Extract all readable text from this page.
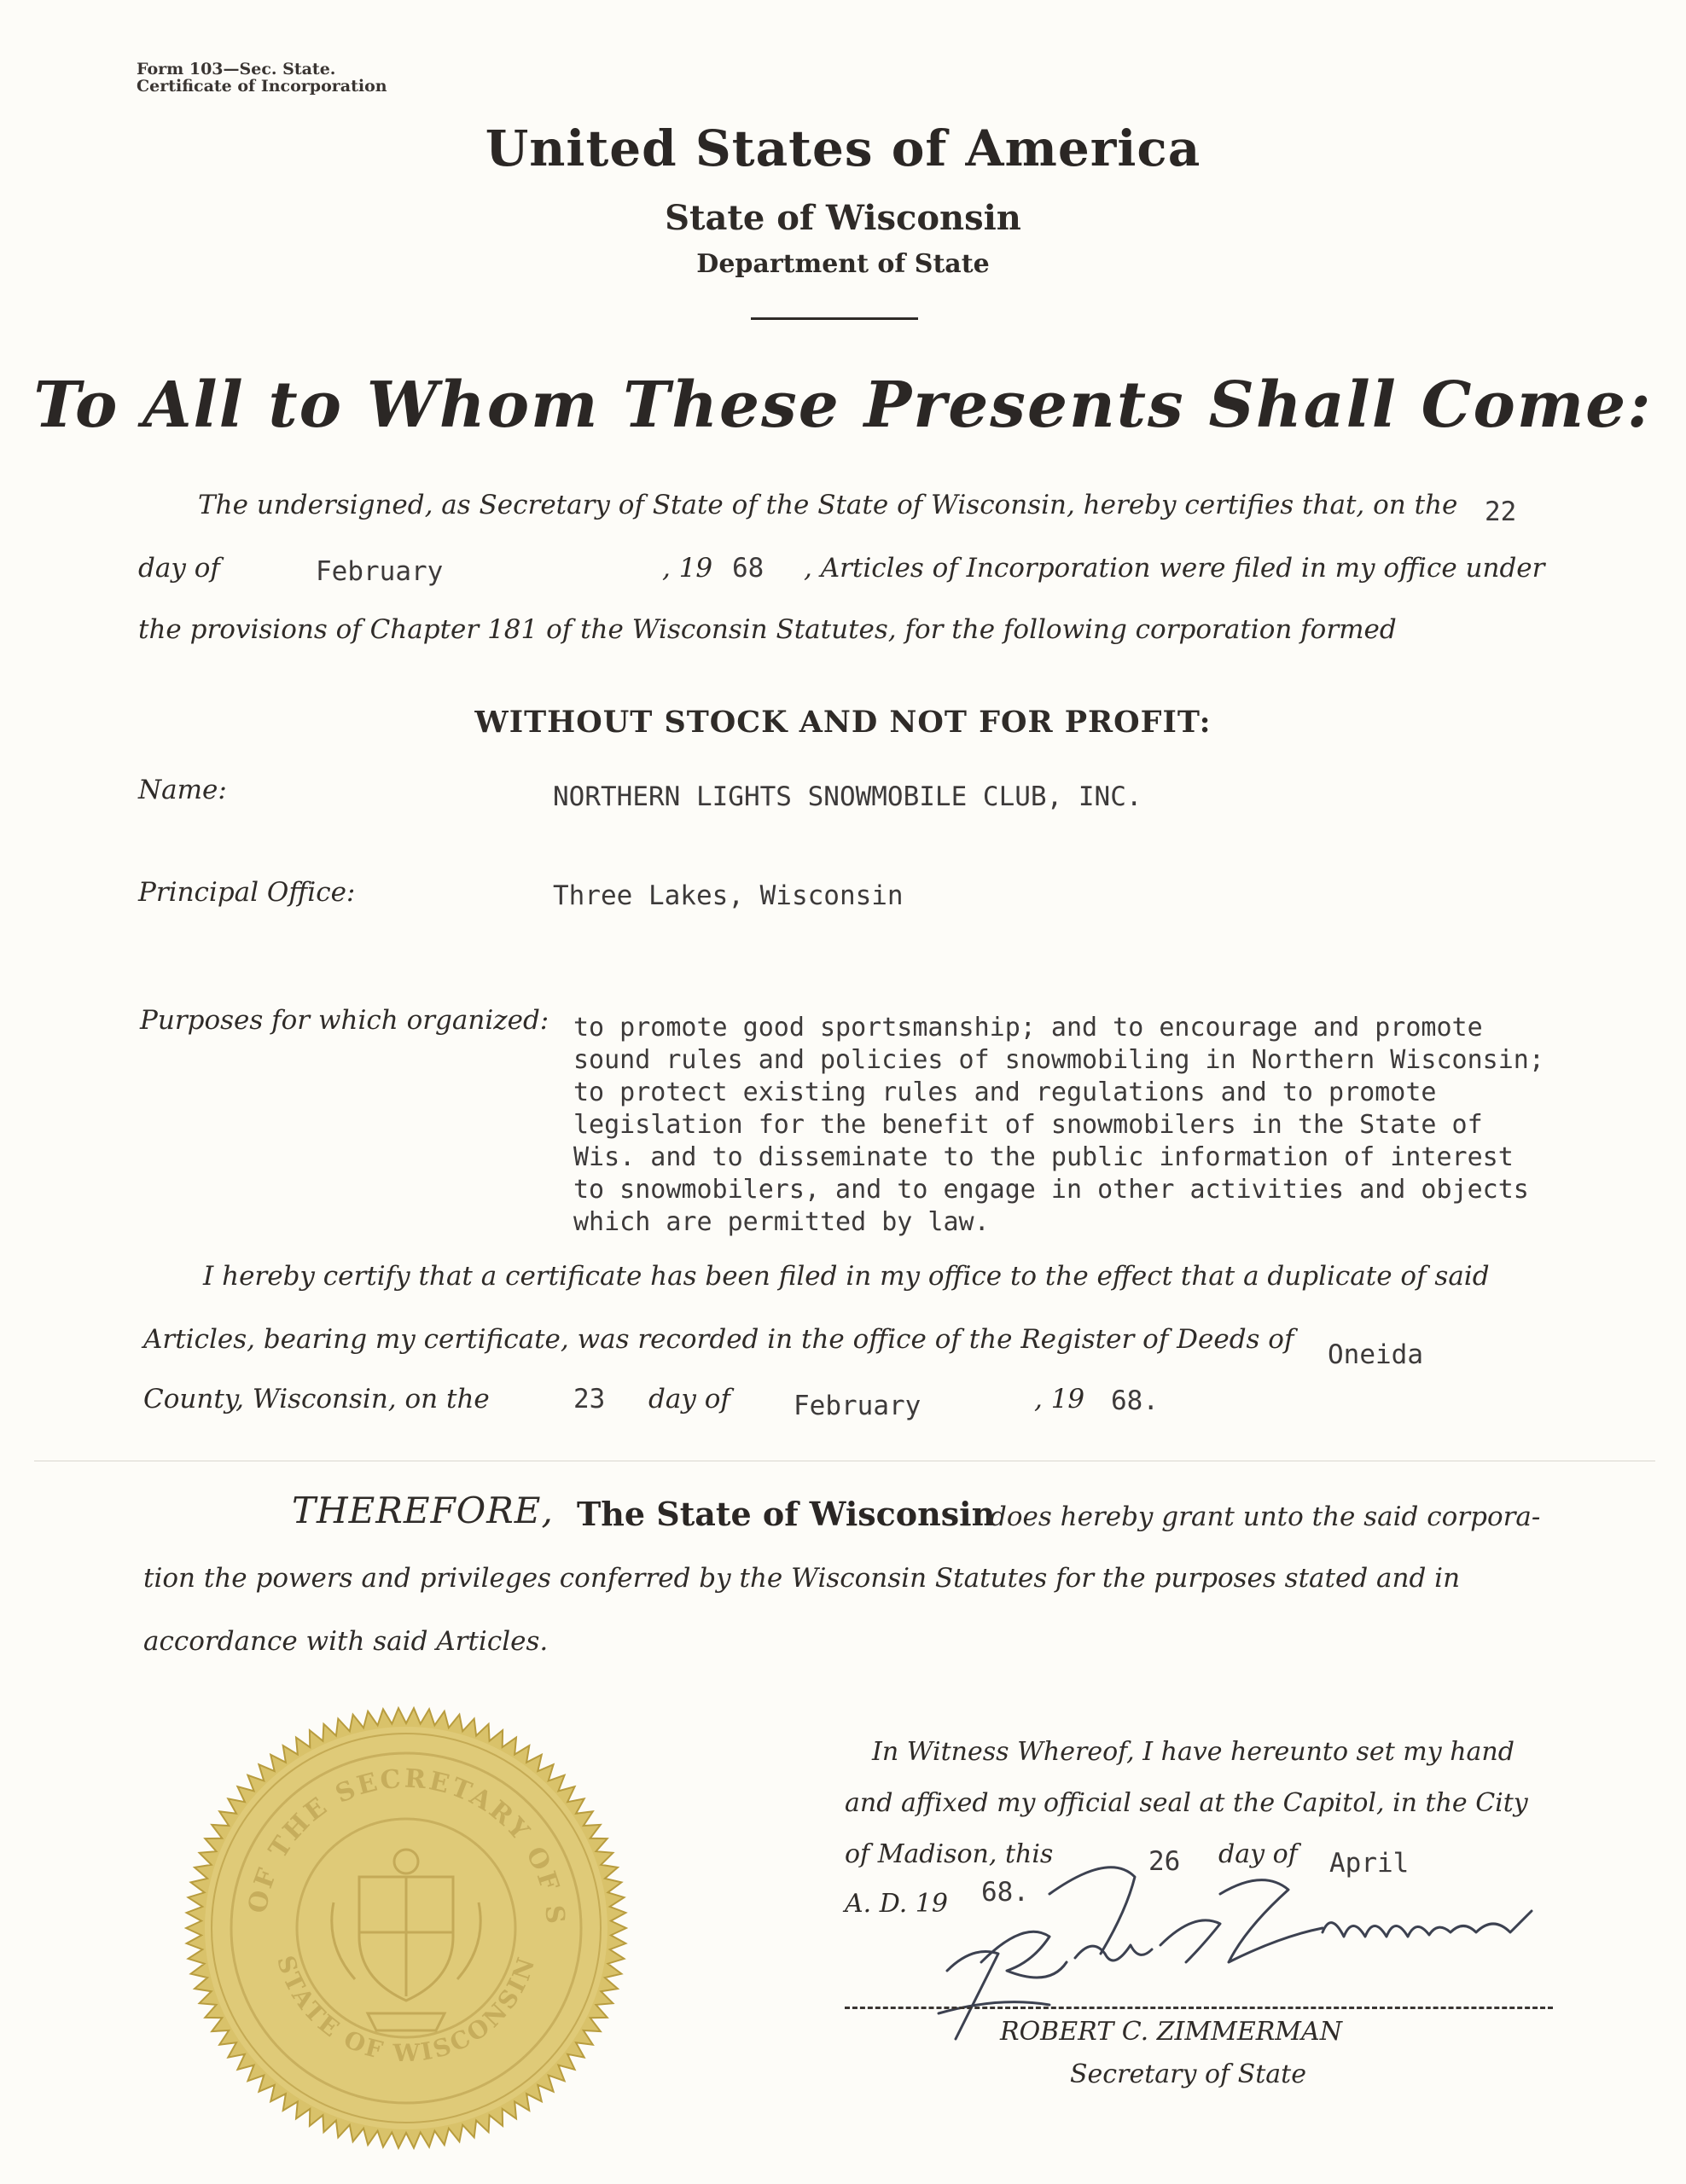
Form 103—Sec. State.
Certificate of Incorporation
United States of America
State of Wisconsin
Department of State
To All to Whom These Presents Shall Come:
The undersigned, as Secretary of State of the State of Wisconsin, hereby certifies that, on the 22
day of	February	, 19 68 , Articles of Incorporation were filed in my office under
the provisions of Chapter 181 of the Wisconsin Statutes, for the following corporation formed
WITHOUT STOCK AND NOT FOR PROFIT:
Name:	NORTHERN LIGHTS SNOWMOBILE CLUB, INC.
Principal Office:	Three Lakes, Wisconsin
Purposes for which organized: to promote good sportsmanship; and to encourage and promote
sound rules and policies of snowmobiling in Northern Wisconsin;
to protect existing rules and regulations and to promote
legislation for the benefit of snowmobilers in the State of
Wis. and to disseminate to the public information of interest
to snowmobilers, and to engage in other activities and objects
which are permitted by law.
I hereby certify that a certificate has been filed in my office to the effect that a duplicate of said
Articles, bearing my certificate, was recorded in the office of the Register of Deeds of Oneida
County, Wisconsin, on the	23 day of February	, 19 68.
THEREFORE, The State of Wisconsin
does hereby grant unto the said corpora-
tion the powers and privileges conferred by the Wisconsin Statutes for the purposes stated and in
accordance with said Articles.
OF THE SECRETARY OF S
STATE OF WISCONSIN
In Witness Whereof, I have hereunto set my hand
and affixed my official seal at the Capitol, in the City
of Madison, this	26 day of April
A. D. 19 68.
ROBERT C. ZIMMERMAN
Secretary of State
